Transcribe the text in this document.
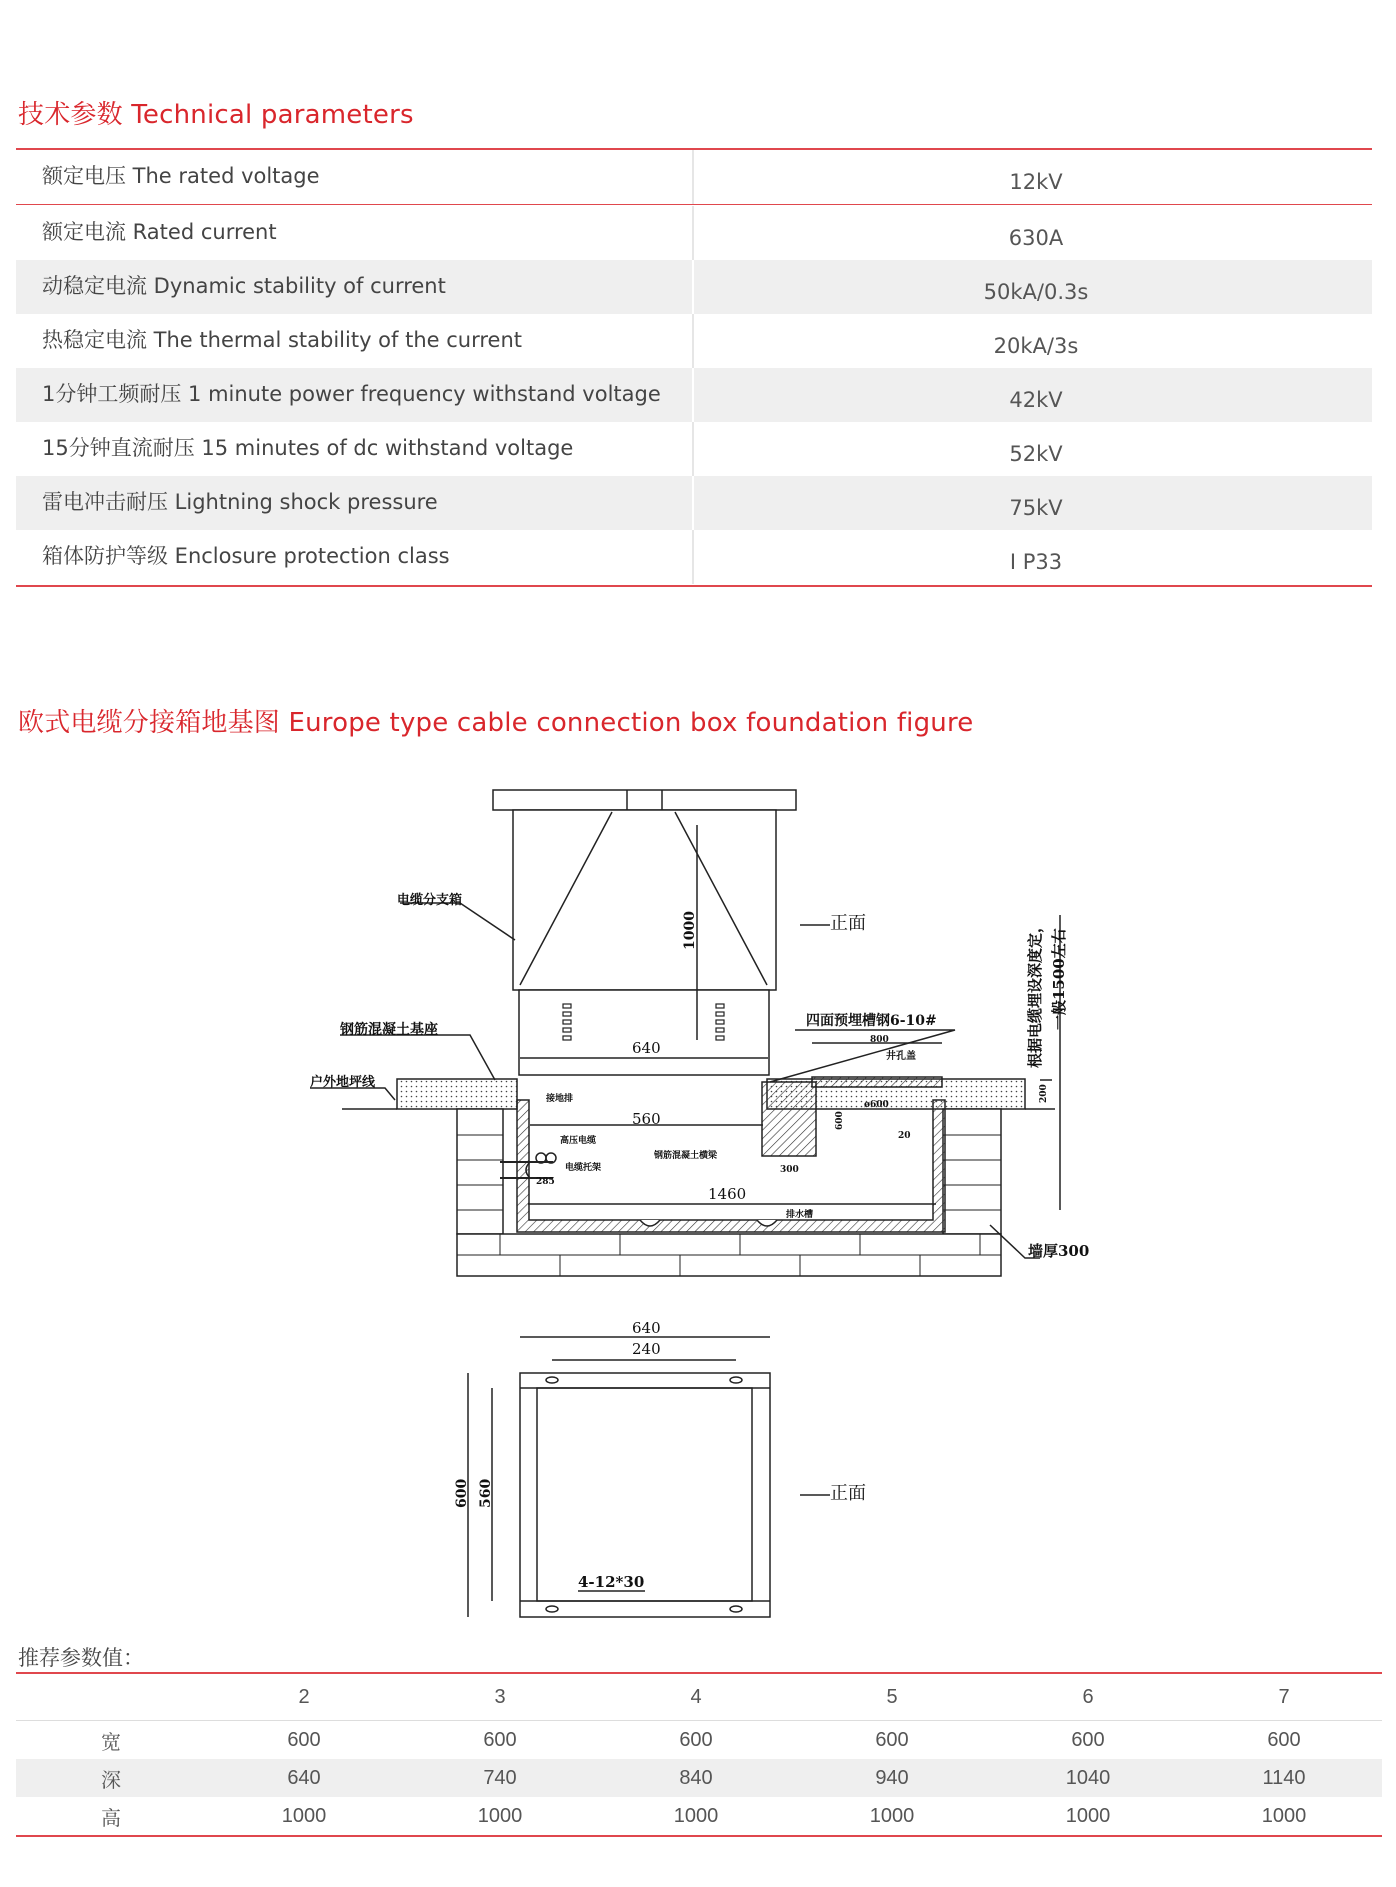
技术参数 Technical parameters
额定电压 The rated voltage	12kV
额定电流 Rated current	630A
动稳定电流 Dynamic stability of current	50kA/0.3s
热稳定电流 The thermal stability of the current	20kA/3s
1分钟工频耐压 1 minute power frequency withstand voltage	42kV
15分钟直流耐压 15 minutes of dc withstand voltage	52kV
雷电冲击耐压 Lightning shock pressure	75kV
箱体防护等级 Enclosure protection class	I P33
欧式电缆分接箱地基图 Europe type cable connection box foundation figure
电缆分支箱
正面
1000	根据电缆埋设深度定， 一般1500左右
钢筋混凝土基座
四面预埋槽钢6-10#
640	800
井孔盖
户外地坪线
接地排
560
ø600
600
20
200
高压电缆
钢筋混凝土横梁
电缆托架
285
300
1460
排水槽
墙厚300
640
240
600 560	正面
4-12*30
推荐参数值：
	2	3	4	5	6	7
宽	600	600	600	600	600	600
深	640	740	840	940	1040	1140
高	1000	1000	1000	1000	1000	1000
